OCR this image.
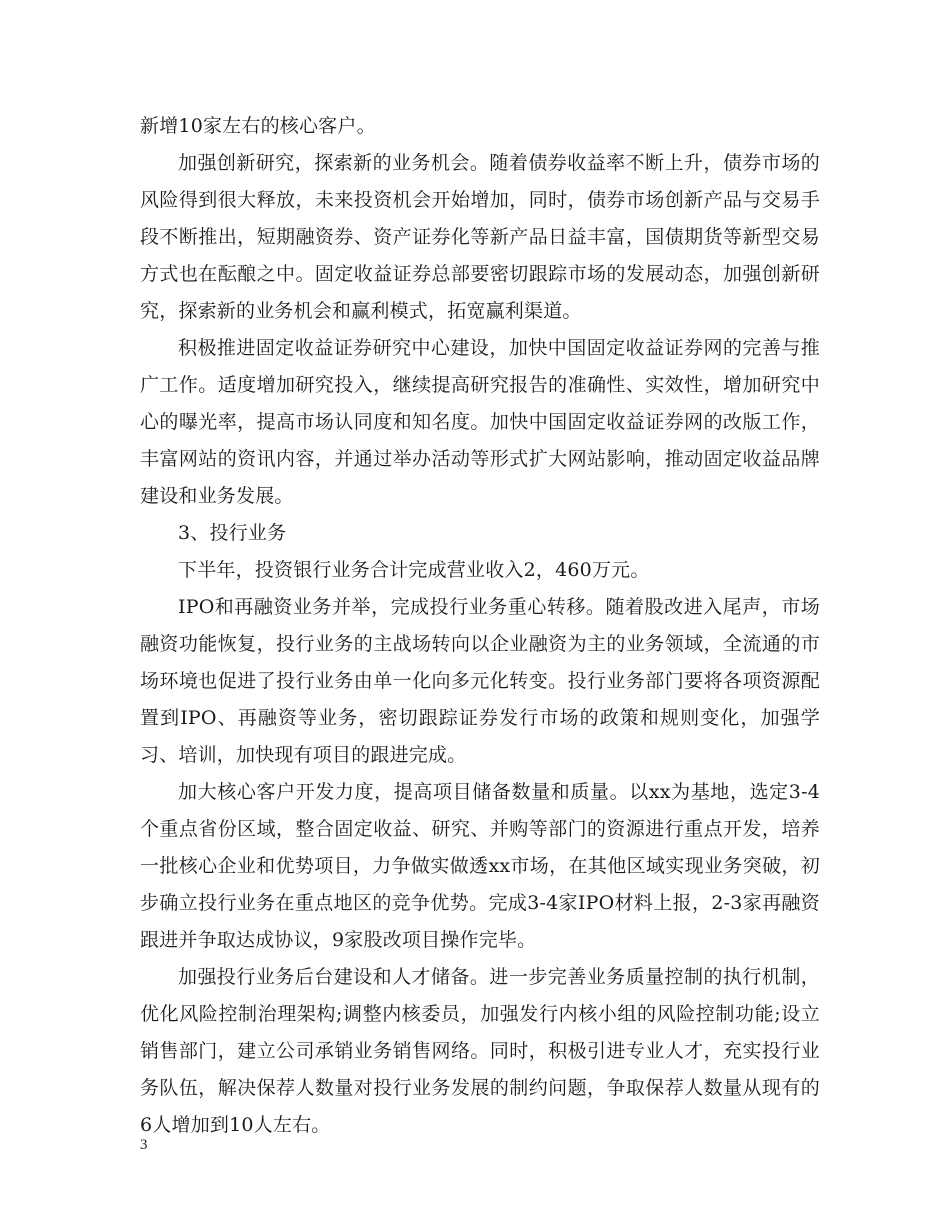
新增10家左右的核心客户。

加强创新研究，探索新的业务机会。随着债券收益率不断上升，债券市场的风险得到很大释放，未来投资机会开始增加，同时，债券市场创新产品与交易手段不断推出，短期融资券、资产证券化等新产品日益丰富，国债期货等新型交易方式也在酝酿之中。固定收益证券总部要密切跟踪市场的发展动态，加强创新研究，探索新的业务机会和赢利模式，拓宽赢利渠道。

积极推进固定收益证券研究中心建设，加快中国固定收益证券网的完善与推广工作。适度增加研究投入，继续提高研究报告的准确性、实效性，增加研究中心的曝光率，提高市场认同度和知名度。加快中国固定收益证券网的改版工作，丰富网站的资讯内容，并通过举办活动等形式扩大网站影响，推动固定收益品牌建设和业务发展。

3、投行业务

下半年，投资银行业务合计完成营业收入2，460万元。

IPO和再融资业务并举，完成投行业务重心转移。随着股改进入尾声，市场融资功能恢复，投行业务的主战场转向以企业融资为主的业务领域，全流通的市场环境也促进了投行业务由单一化向多元化转变。投行业务部门要将各项资源配置到IPO、再融资等业务，密切跟踪证券发行市场的政策和规则变化，加强学习、培训，加快现有项目的跟进完成。

加大核心客户开发力度，提高项目储备数量和质量。以xx为基地，选定3-4个重点省份区域，整合固定收益、研究、并购等部门的资源进行重点开发，培养一批核心企业和优势项目，力争做实做透xx市场，在其他区域实现业务突破，初步确立投行业务在重点地区的竞争优势。完成3-4家IPO材料上报，2-3家再融资跟进并争取达成协议，9家股改项目操作完毕。

加强投行业务后台建设和人才储备。进一步完善业务质量控制的执行机制，优化风险控制治理架构;调整内核委员，加强发行内核小组的风险控制功能;设立销售部门，建立公司承销业务销售网络。同时，积极引进专业人才，充实投行业务队伍，解决保荐人数量对投行业务发展的制约问题，争取保荐人数量从现有的6人增加到10人左右。

3
